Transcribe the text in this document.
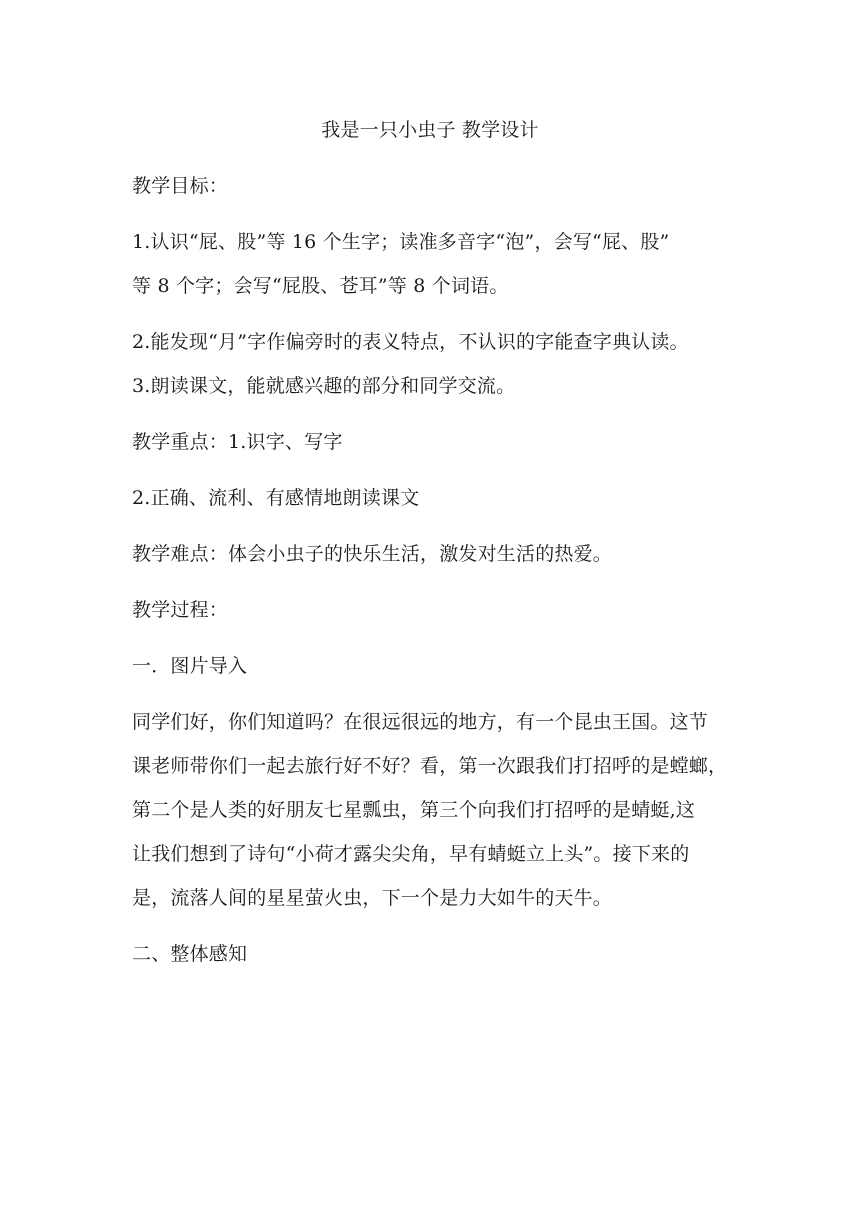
我是一只小虫子 教学设计
教学目标：
1.认识“屁、股”等 16 个生字；读准多音字“泡”，会写“屁、股”
等 8 个字；会写“屁股、苍耳”等 8 个词语。
2.能发现“月”字作偏旁时的表义特点，不认识的字能查字典认读。
3.朗读课文，能就感兴趣的部分和同学交流。
教学重点：1.识字、写字
2.正确、流利、有感情地朗读课文
教学难点：体会小虫子的快乐生活，激发对生活的热爱。
教学过程：
一．图片导入
同学们好，你们知道吗？在很远很远的地方，有一个昆虫王国。这节
课老师带你们一起去旅行好不好？看，第一次跟我们打招呼的是螳螂，
第二个是人类的好朋友七星瓢虫，第三个向我们打招呼的是蜻蜓,这
让我们想到了诗句“小荷才露尖尖角，早有蜻蜓立上头”。接下来的
是，流落人间的星星萤火虫，下一个是力大如牛的天牛。
二、整体感知
